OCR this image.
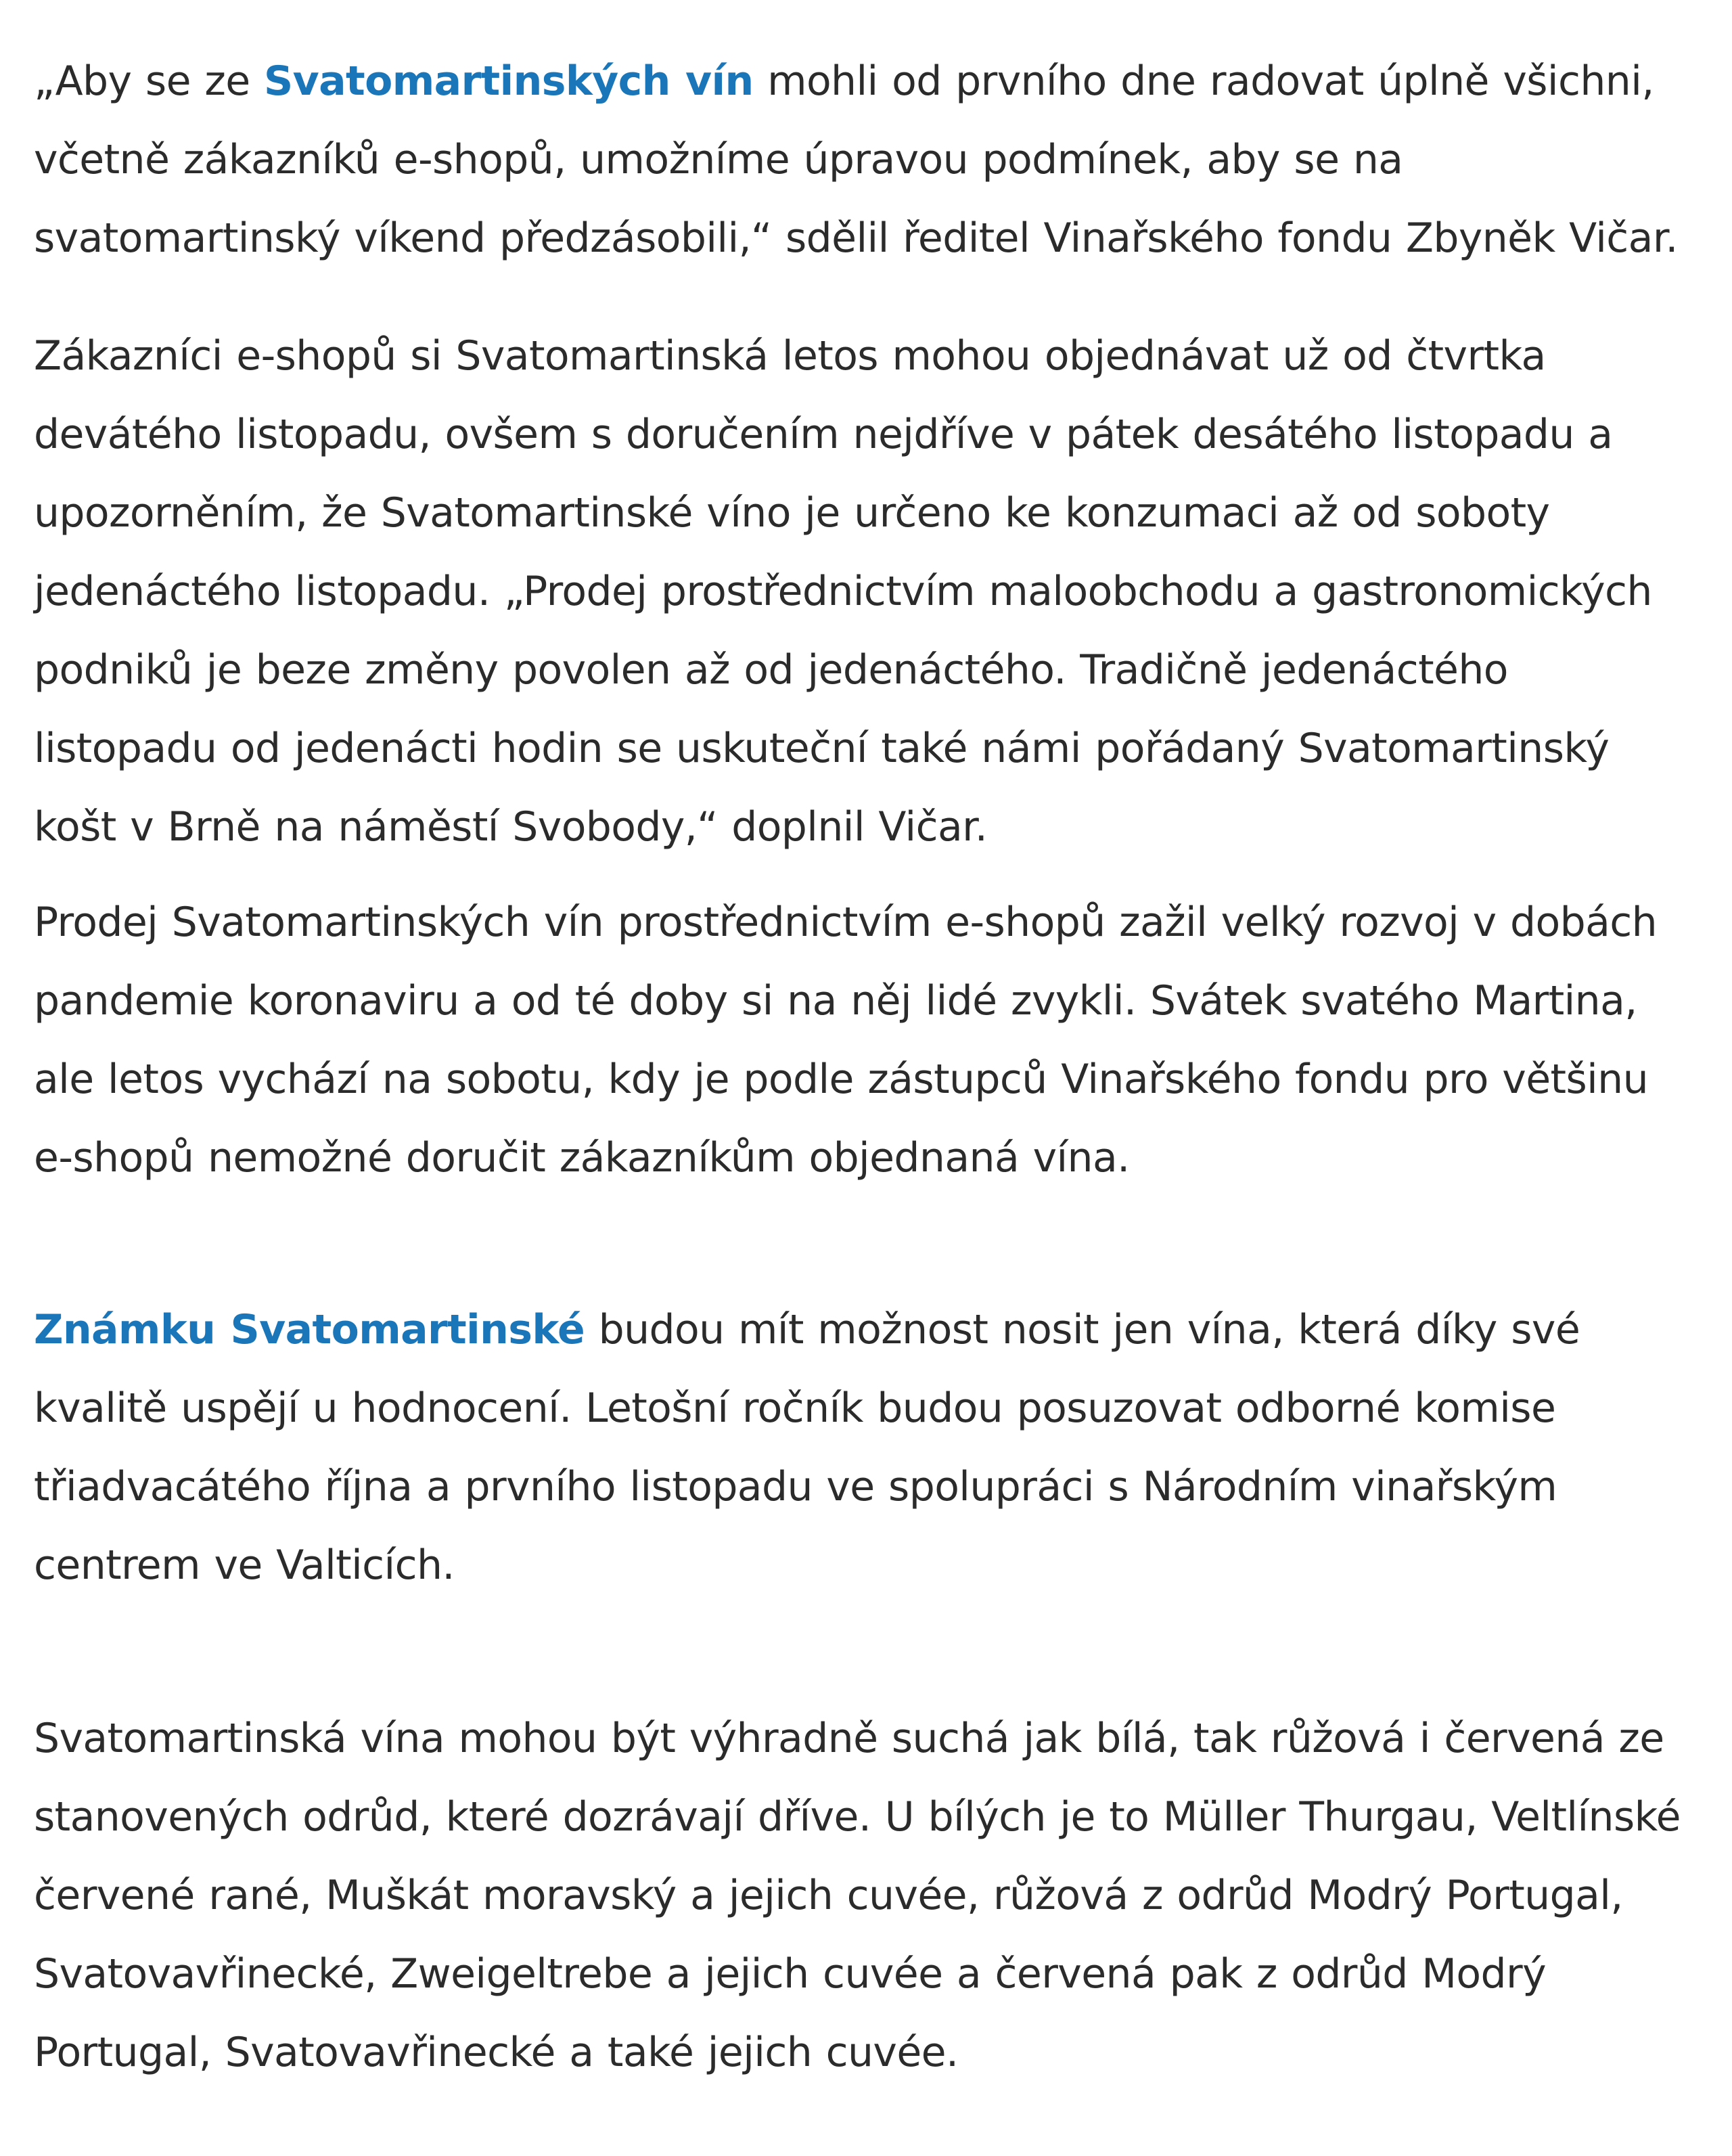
„Aby se ze Svatomartinských vín mohli od prvního dne radovat úplně všichni, včetně zákazníků e-shopů, umožníme úpravou podmínek, aby se na svatomartinský víkend předzásobili,“ sdělil ředitel Vinařského fondu Zbyněk Vičar.

Zákazníci e-shopů si Svatomartinská letos mohou objednávat už od čtvrtka devátého listopadu, ovšem s doručením nejdříve v pátek desátého listopadu a upozorněním, že Svatomartinské víno je určeno ke konzumaci až od soboty jedenáctého listopadu. „Prodej prostřednictvím maloobchodu a gastronomických podniků je beze změny povolen až od jedenáctého. Tradičně jedenáctého listopadu od jedenácti hodin se uskuteční také námi pořádaný Svatomartinský košt v Brně na náměstí Svobody,“ doplnil Vičar.

Prodej Svatomartinských vín prostřednictvím e-shopů zažil velký rozvoj v dobách pandemie koronaviru a od té doby si na něj lidé zvykli. Svátek svatého Martina, ale letos vychází na sobotu, kdy je podle zástupců Vinařského fondu pro většinu e-shopů nemožné doručit zákazníkům objednaná vína.

Známku Svatomartinské budou mít možnost nosit jen vína, která díky své kvalitě uspějí u hodnocení. Letošní ročník budou posuzovat odborné komise třiadvacátého října a prvního listopadu ve spolupráci s Národním vinařským centrem ve Valticích.

Svatomartinská vína mohou být výhradně suchá jak bílá, tak růžová i červená ze stanovených odrůd, které dozrávají dříve. U bílých je to Müller Thurgau, Veltlínské červené rané, Muškát moravský a jejich cuvée, růžová z odrůd Modrý Portugal, Svatovavřinecké, Zweigeltrebe a jejich cuvée a červená pak z odrůd Modrý Portugal, Svatovavřinecké a také jejich cuvée.
